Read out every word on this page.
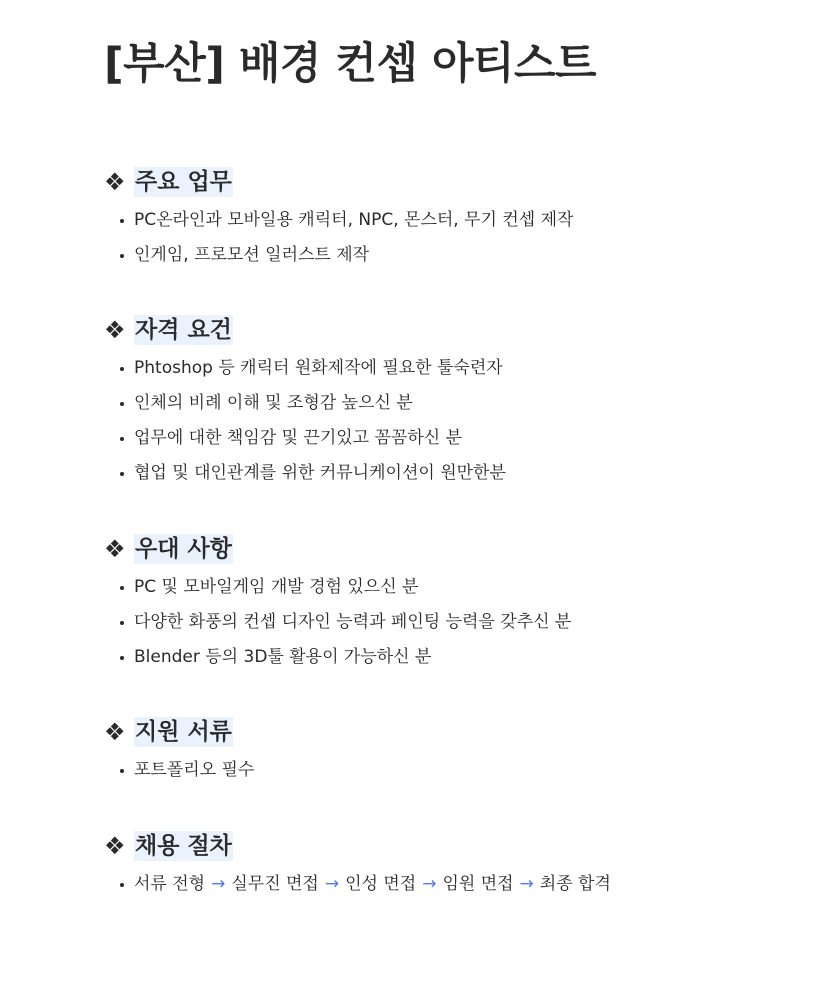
[부산] 배경 컨셉 아티스트
❖ 주요 업무
PC온라인과 모바일용 캐릭터, NPC, 몬스터, 무기 컨셉 제작
인게임, 프로모션 일러스트 제작
❖ 자격 요건
Phtoshop 등 캐릭터 원화제작에 필요한 툴숙련자
인체의 비례 이해 및 조형감 높으신 분
업무에 대한 책임감 및 끈기있고 꼼꼼하신 분
협업 및 대인관계를 위한 커뮤니케이션이 원만한분
❖ 우대 사항
PC 및 모바일게임 개발 경험 있으신 분
다양한 화풍의 컨셉 디자인 능력과 페인팅 능력을 갖추신 분
Blender 등의 3D툴 활용이 가능하신 분
❖ 지원 서류
포트폴리오 필수
❖ 채용 절차
서류 전형 → 실무진 면접 → 인성 면접 → 임원 면접 → 최종 합격
